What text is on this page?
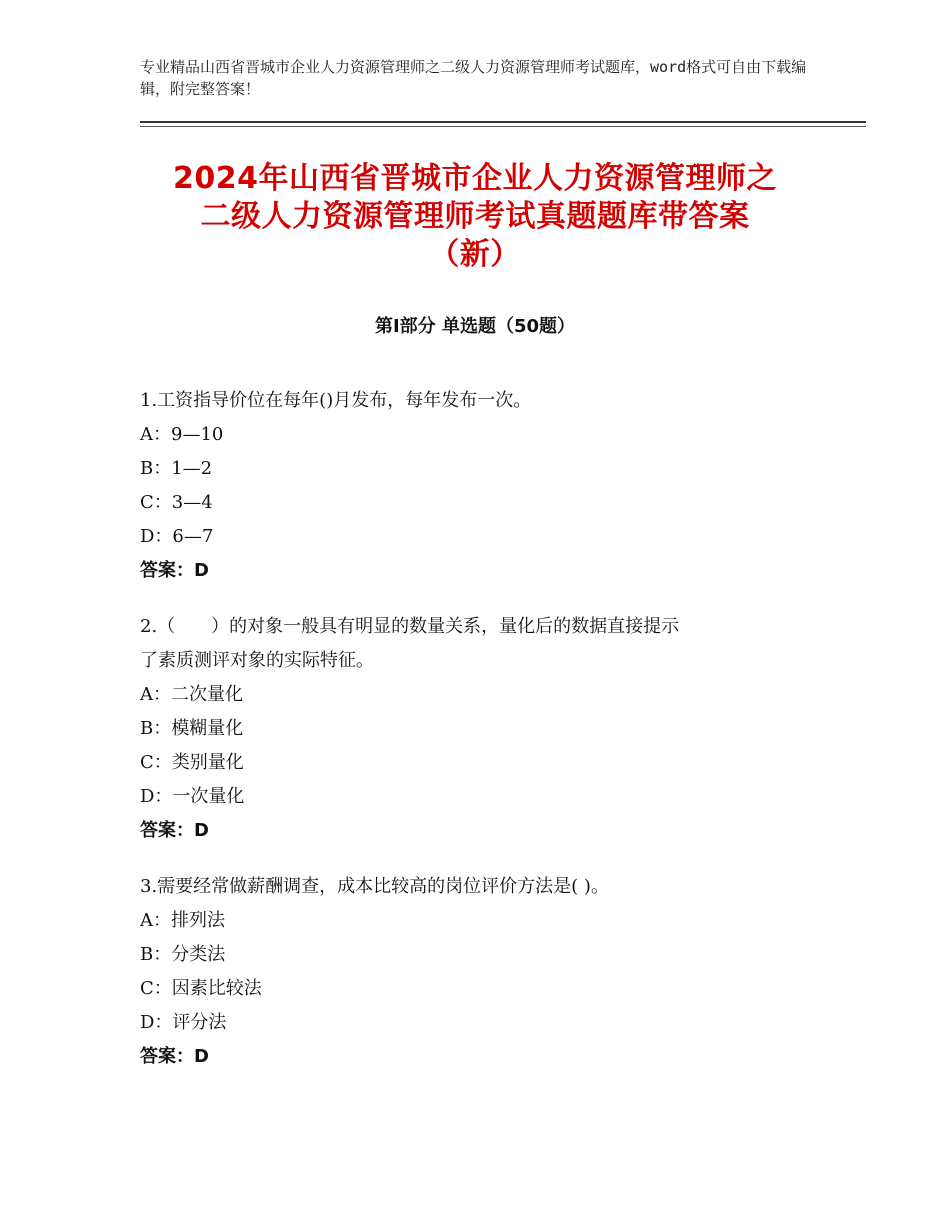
专业精品山西省晋城市企业人力资源管理师之二级人力资源管理师考试题库，word格式可自由下载编辑，附完整答案！
2024年山西省晋城市企业人力资源管理师之
二级人力资源管理师考试真题题库带答案
（新）
第Ⅰ部分 单选题（50题）

1.工资指导价位在每年()月发布，每年发布一次。

A：9—10

B：1—2

C：3—4

D：6—7

答案：D

2.（　　）的对象一般具有明显的数量关系，量化后的数据直接提示

了素质测评对象的实际特征。

A：二次量化

B：模糊量化

C：类别量化

D：一次量化

答案：D

3.需要经常做薪酬调查，成本比较高的岗位评价方法是( )。

A：排列法

B：分类法

C：因素比较法

D：评分法

答案：D
